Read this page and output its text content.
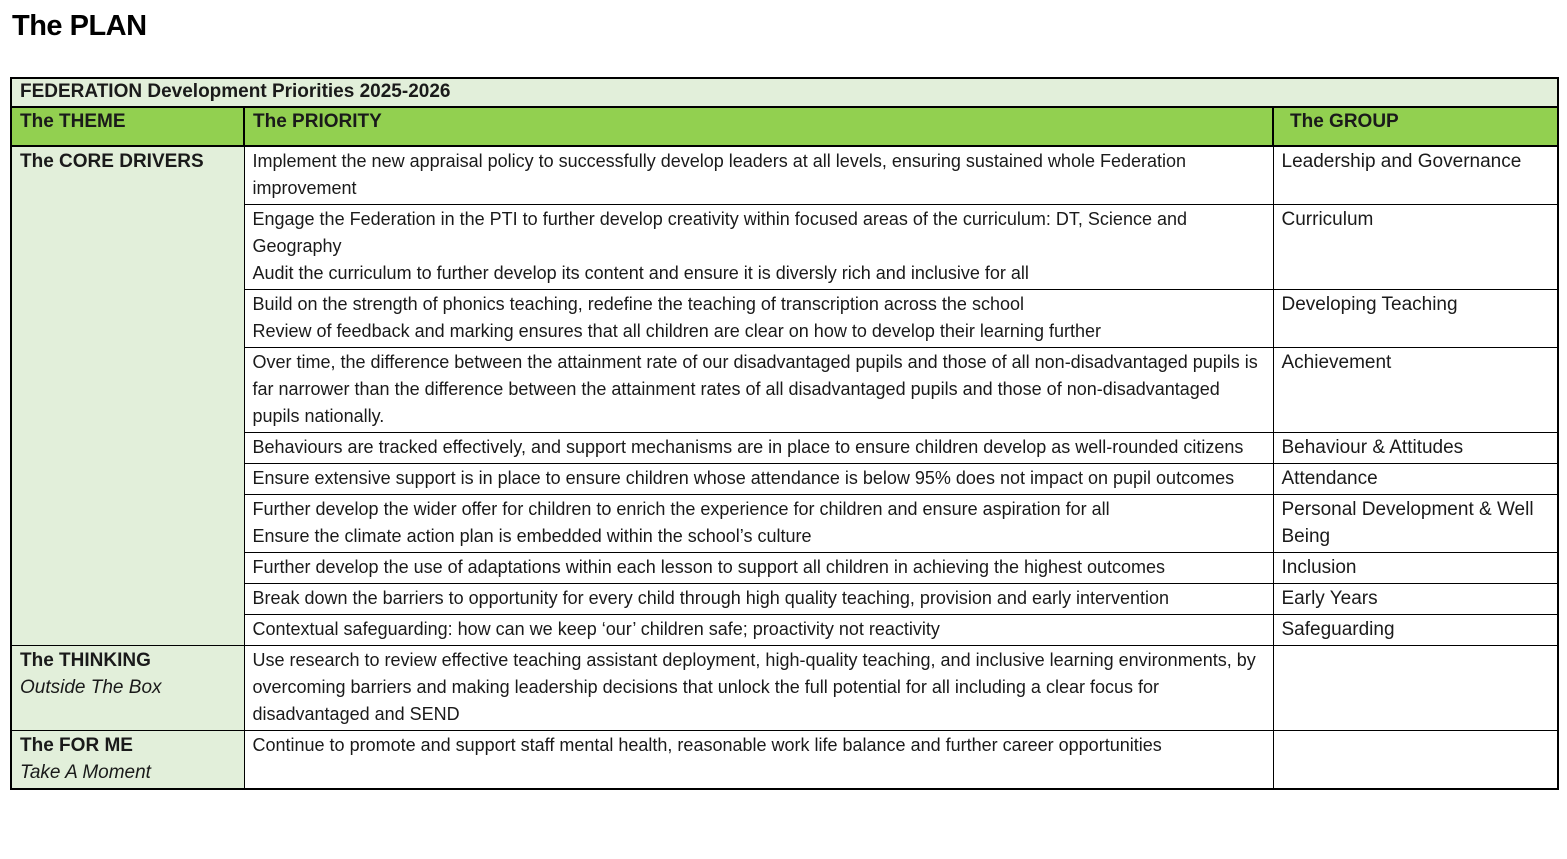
The PLAN
FEDERATION Development Priorities 2025-2026		
The THEME	The PRIORITY	The GROUP

The CORE DRIVERS	Implement the new appraisal policy to successfully develop leaders at all levels, ensuring sustained whole Federation improvement	Leadership and Governance

	Engage the Federation in the PTI to further develop creativity within focused areas of the curriculum: DT, Science and Geography
Audit the curriculum to further develop its content and ensure it is diversly rich and inclusive for all	Curriculum

	Build on the strength of phonics teaching, redefine the teaching of transcription across the school
Review of feedback and marking ensures that all children are clear on how to develop their learning further	Developing Teaching

	Over time, the difference between the attainment rate of our disadvantaged pupils and those of all non-disadvantaged pupils is far narrower than the difference between the attainment rates of all disadvantaged pupils and those of non-disadvantaged pupils nationally.	Achievement

	Behaviours are tracked effectively, and support mechanisms are in place to ensure children develop as well-rounded citizens	Behaviour & Attitudes

	Ensure extensive support is in place to ensure children whose attendance is below 95% does not impact on pupil outcomes	Attendance

	Further develop the wider offer for children to enrich the experience for children and ensure aspiration for all
Ensure the climate action plan is embedded within the school’s culture	Personal Development & Well Being

	Further develop the use of adaptations within each lesson to support all children in achieving the highest outcomes	Inclusion

	Break down the barriers to opportunity for every child through high quality teaching, provision and early intervention	Early Years

	Contextual safeguarding: how can we keep ‘our’ children safe; proactivity not reactivity	Safeguarding

The THINKING
Outside The Box	Use research to review effective teaching assistant deployment, high-quality teaching, and inclusive learning environments, by overcoming barriers and making leadership decisions that unlock the full potential for all including a clear focus for disadvantaged and SEND	

The FOR ME
Take A Moment	Continue to promote and support staff mental health, reasonable work life balance and further career opportunities	
